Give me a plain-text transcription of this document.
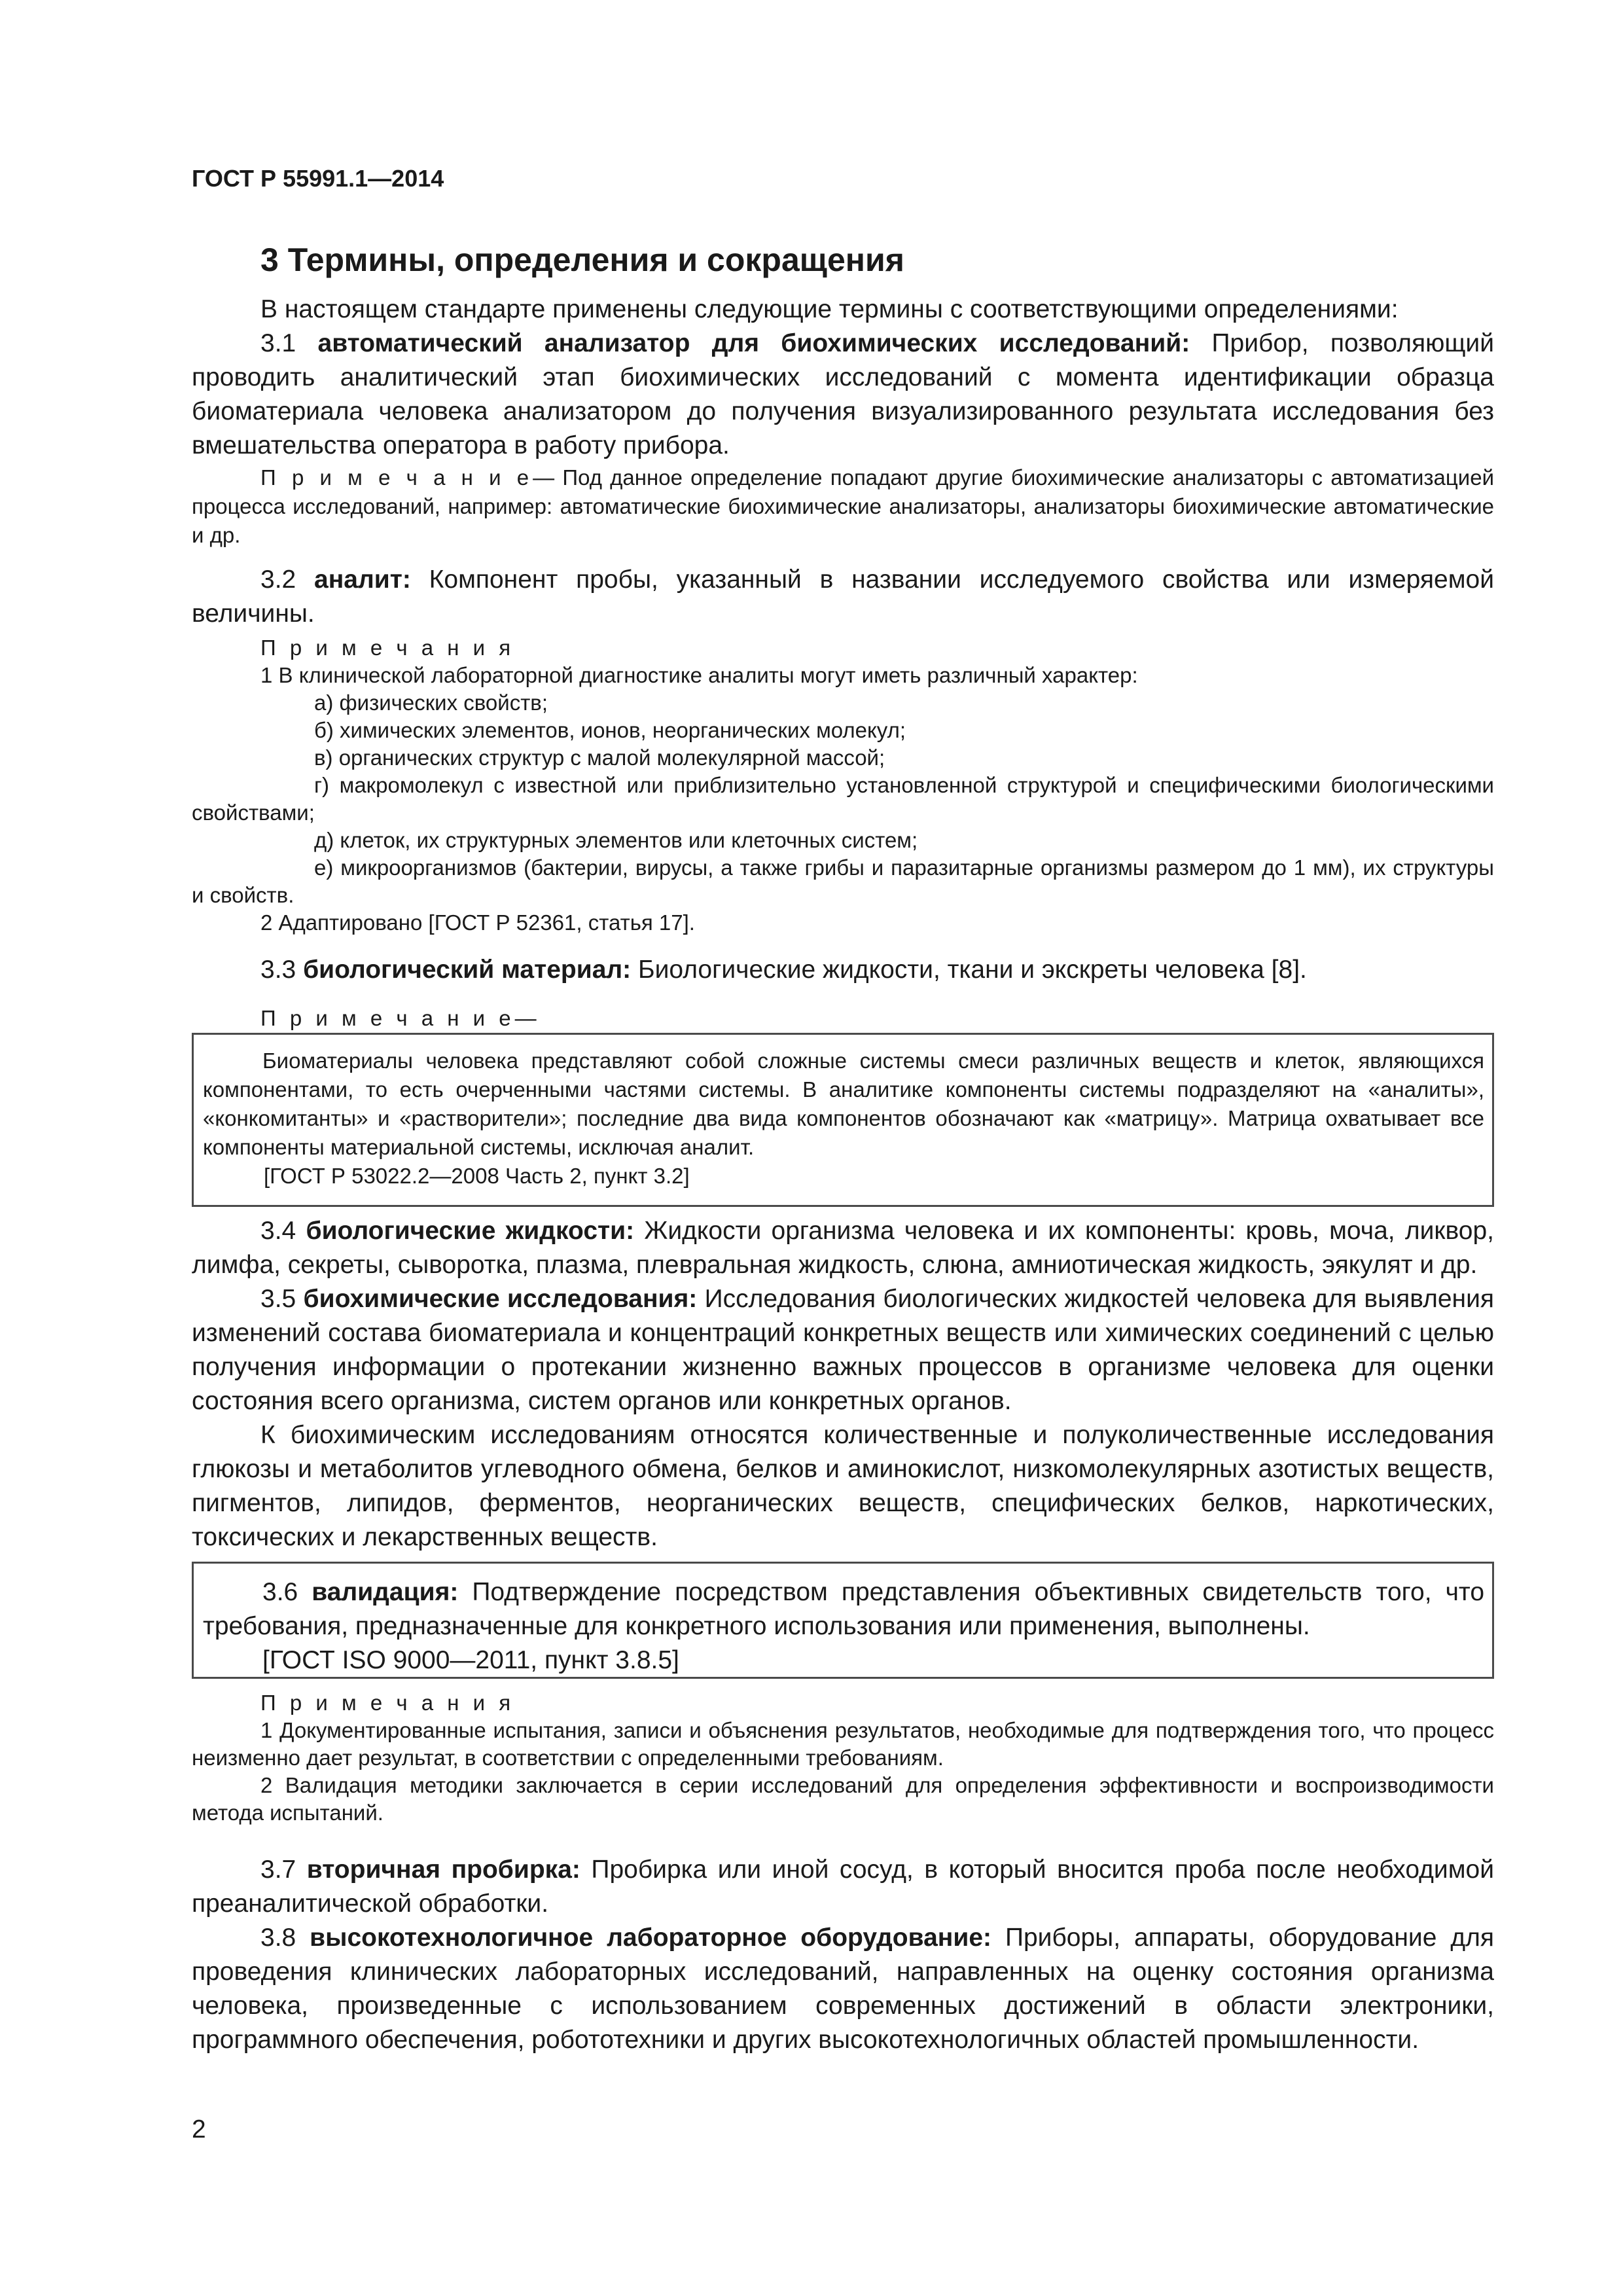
ГОСТ Р 55991.1—2014
3 Термины, определения и сокращения

В настоящем стандарте применены следующие термины с соответствующими определениями:

3.1 автоматический анализатор для биохимических исследований: Прибор, позволяющий проводить аналитический этап биохимических исследований с момента идентификации образца биоматериала человека анализатором до получения визуализированного результата исследования без вмешательства оператора в работу прибора.

П р и м е ч а н и е— Под данное определение попадают другие биохимические анализаторы с автоматизацией процесса исследований, например: автоматические биохимические анализаторы, анализаторы биохимические автоматические и др.

3.2 аналит: Компонент пробы, указанный в названии исследуемого свойства или измеряемой величины.

П р и м е ч а н и я

1 В клинической лабораторной диагностике аналиты могут иметь различный характер:

а) физических свойств;

б) химических элементов, ионов, неорганических молекул;

в) органических структур с малой молекулярной массой;

г) макромолекул с известной или приблизительно установленной структурой и специфическими биологическими свойствами;

д) клеток, их структурных элементов или клеточных систем;

е) микроорганизмов (бактерии, вирусы, а также грибы и паразитарные организмы размером до 1 мм), их структуры и свойств.

2 Адаптировано [ГОСТ Р 52361, статья 17].

3.3 биологический материал: Биологические жидкости, ткани и экскреты человека [8].

П р и м е ч а н и е—

Биоматериалы человека представляют собой сложные системы смеси различных веществ и клеток, являющихся компонентами, то есть очерченными частями системы. В аналитике компоненты системы подразделяют на «аналиты», «конкомитанты» и «растворители»; последние два вида компонентов обозначают как «матрицу». Матрица охватывает все компоненты материальной системы, исключая аналит.

[ГОСТ Р 53022.2—2008 Часть 2, пункт 3.2]

3.4 биологические жидкости: Жидкости организма человека и их компоненты: кровь, моча, ликвор, лимфа, секреты, сыворотка, плазма, плевральная жидкость, слюна, амниотическая жидкость, эякулят и др.

3.5 биохимические исследования: Исследования биологических жидкостей человека для выявления изменений состава биоматериала и концентраций конкретных веществ или химических соединений с целью получения информации о протекании жизненно важных процессов в организме человека для оценки состояния всего организма, систем органов или конкретных органов.

К биохимическим исследованиям относятся количественные и полуколичественные исследования глюкозы и метаболитов углеводного обмена, белков и аминокислот, низкомолекулярных азотистых веществ, пигментов, липидов, ферментов, неорганических веществ, специфических белков, наркотических, токсических и лекарственных веществ.

3.6 валидация: Подтверждение посредством представления объективных свидетельств того, что требования, предназначенные для конкретного использования или применения, выполнены.

[ГОСТ ISO 9000—2011, пункт 3.8.5]

П р и м е ч а н и я

1 Документированные испытания, записи и объяснения результатов, необходимые для подтверждения того, что процесс неизменно дает результат, в соответствии с определенными требованиям.

2 Валидация методики заключается в серии исследований для определения эффективности и воспроизводимости метода испытаний.

3.7 вторичная пробирка: Пробирка или иной сосуд, в который вносится проба после необходимой преаналитической обработки.

3.8 высокотехнологичное лабораторное оборудование: Приборы, аппараты, оборудование для проведения клинических лабораторных исследований, направленных на оценку состояния организма человека, произведенные с использованием современных достижений в области электроники, программного обеспечения, робототехники и других высокотехнологичных областей промышленности.

2
